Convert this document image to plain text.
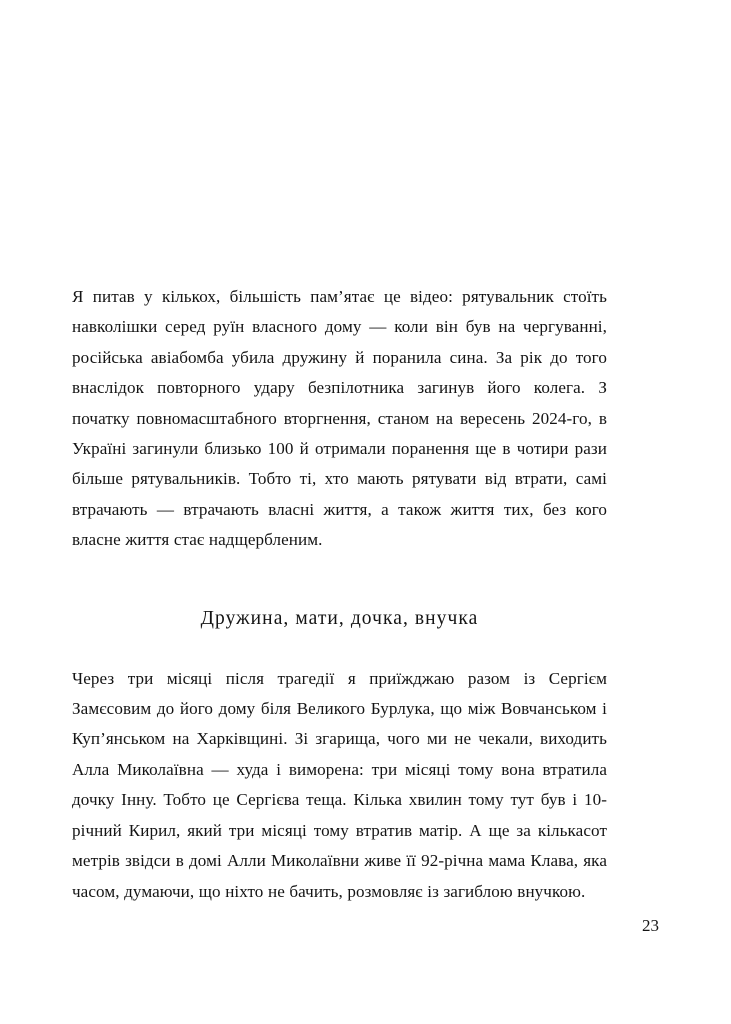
Я питав у кількох, більшість пам’ятає це відео: рятувальник стоїть навколішки серед руїн власного дому — коли він був на чергуванні, російська авіабомба убила дружину й поранила сина. За рік до того внаслідок повторного удару безпілотника загинув його колега. З початку повномасштабного вторгнення, станом на вересень 2024-го, в Україні загинули близько 100 й отримали поранення ще в чотири рази більше рятувальників. Тобто ті, хто мають рятувати від втрати, самі втрачають — втрачають власні життя, а також життя тих, без кого власне життя стає надщербленим.

Дружина, мати, дочка, внучка

Через три місяці після трагедії я приїжджаю разом із Сергієм Замєсовим до його дому біля Великого Бурлука, що між Вовчанськом і Куп’янськом на Харківщині. Зі згарища, чого ми не чекали, виходить Алла Миколаївна — худа і виморена: три місяці тому вона втратила дочку Інну. Тобто це Сергієва теща. Кілька хвилин тому тут був і 10-річний Кирил, який три місяці тому втратив матір. А ще за кількасот метрів звідси в домі Алли Миколаївни живе її 92-річна мама Клава, яка часом, думаючи, що ніхто не бачить, розмовляє із загиблою внучкою.

23
